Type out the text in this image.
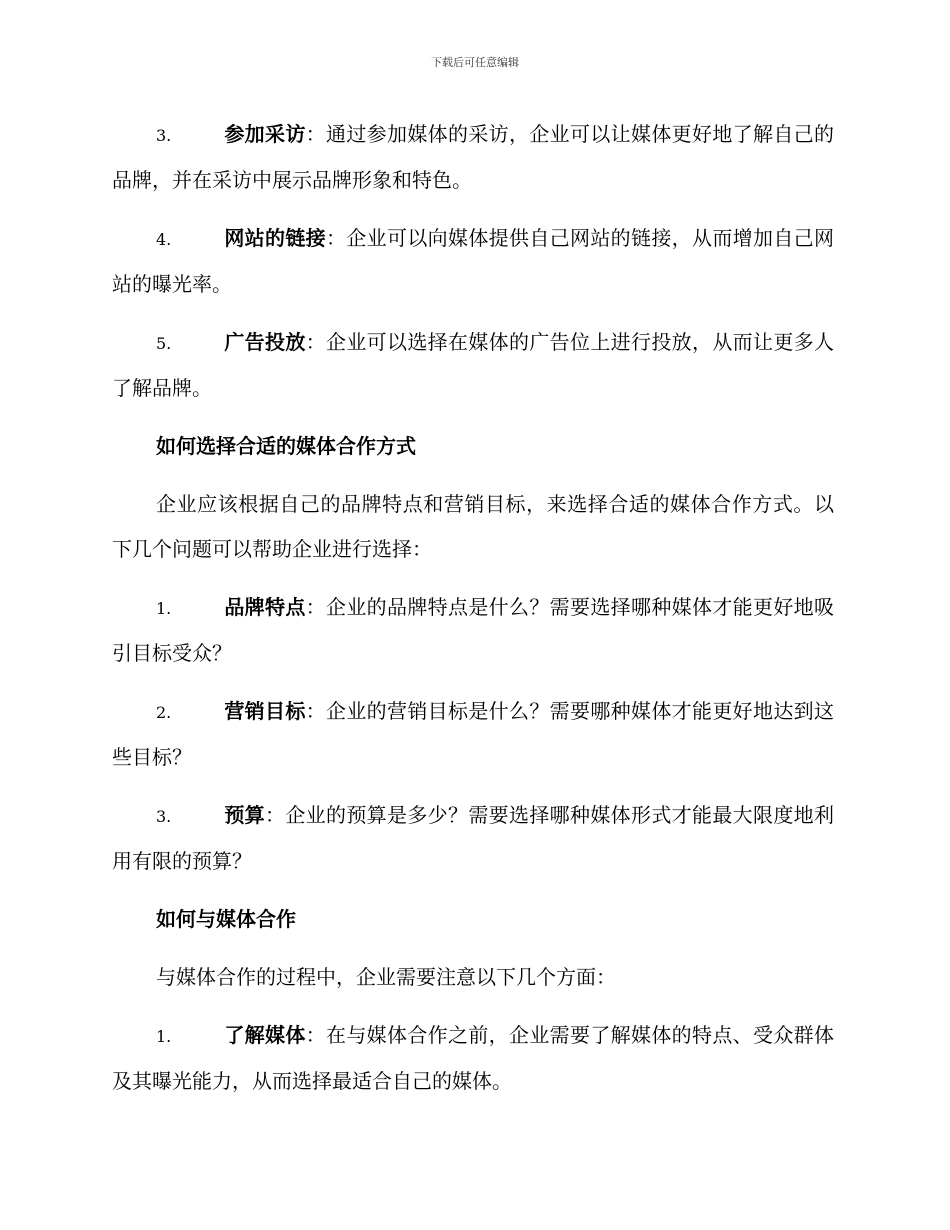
下载后可任意编辑

3.	参加采访：通过参加媒体的采访，企业可以让媒体更好地了解自己的品牌，并在采访中展示品牌形象和特色。

4.	网站的链接：企业可以向媒体提供自己网站的链接，从而增加自己网站的曝光率。

5.	广告投放：企业可以选择在媒体的广告位上进行投放，从而让更多人了解品牌。

如何选择合适的媒体合作方式

企业应该根据自己的品牌特点和营销目标，来选择合适的媒体合作方式。以下几个问题可以帮助企业进行选择：

1.	品牌特点：企业的品牌特点是什么？需要选择哪种媒体才能更好地吸引目标受众？

2.	营销目标：企业的营销目标是什么？需要哪种媒体才能更好地达到这些目标？

3.	预算：企业的预算是多少？需要选择哪种媒体形式才能最大限度地利用有限的预算？

如何与媒体合作

与媒体合作的过程中，企业需要注意以下几个方面：

1.	了解媒体：在与媒体合作之前，企业需要了解媒体的特点、受众群体及其曝光能力，从而选择最适合自己的媒体。
